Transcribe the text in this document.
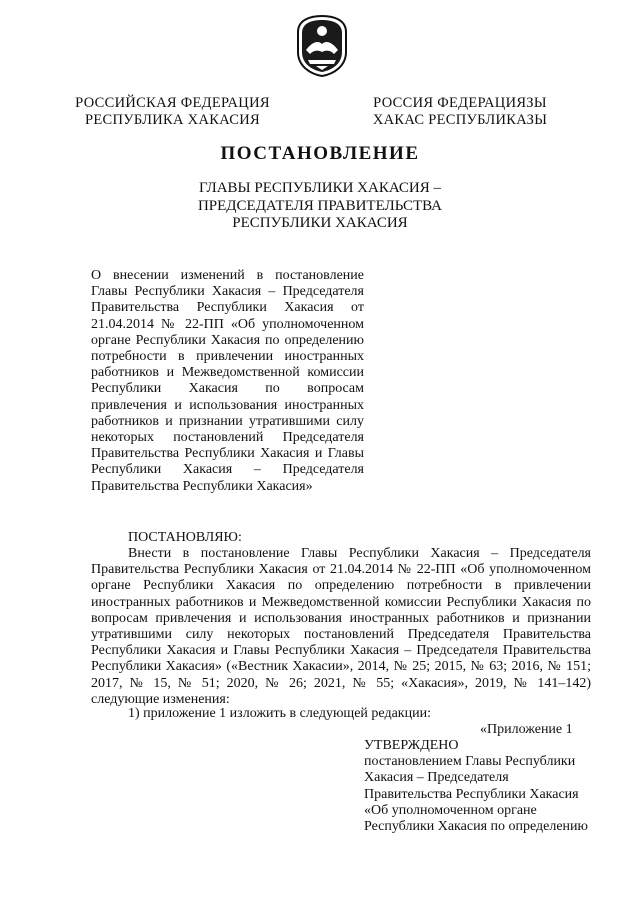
РОССИЙСКАЯ ФЕДЕРАЦИЯ
РЕСПУБЛИКА ХАКАСИЯ
РОССИЯ ФЕДЕРАЦИЯЗЫ
ХАКАС РЕСПУБЛИКАЗЫ
ПОСТАНОВЛЕНИЕ
ГЛАВЫ РЕСПУБЛИКИ ХАКАСИЯ –
ПРЕДСЕДАТЕЛЯ ПРАВИТЕЛЬСТВА
РЕСПУБЛИКИ ХАКАСИЯ
О внесении изменений в постановление Главы Республики Хакасия – Председателя Правительства Республики Хакасия от 21.04.2014 № 22-ПП «Об уполномоченном органе Республики Хакасия по определению потребности в привлечении иностранных работников и Межведомственной комиссии Республики Хакасия по вопросам привлечения и использования иностранных работников и признании утратившими силу некоторых постановлений Председателя Правительства Республики Хакасия и Главы Республики Хакасия – Председателя Правительства Республики Хакасия»
ПОСТАНОВЛЯЮ:
Внести в постановление Главы Республики Хакасия – Председателя Правительства Республики Хакасия от 21.04.2014 № 22-ПП «Об уполномоченном органе Республики Хакасия по определению потребности в привлечении иностранных работников и Межведомственной комиссии Республики Хакасия по вопросам привлечения и использования иностранных работников и признании утратившими силу некоторых постановлений Председателя Правительства Республики Хакасия и Главы Республики Хакасия – Председателя Правительства Республики Хакасия» («Вестник Хакасии», 2014, № 25; 2015, № 63; 2016, № 151; 2017, № 15, № 51; 2020, № 26; 2021, № 55; «Хакасия», 2019, № 141–142) следующие изменения:
1) приложение 1 изложить в следующей редакции:
«Приложение 1
УТВЕРЖДЕНО
постановлением Главы Республики
Хакасия – Председателя
Правительства Республики Хакасия
«Об уполномоченном органе
Республики Хакасия по определению
